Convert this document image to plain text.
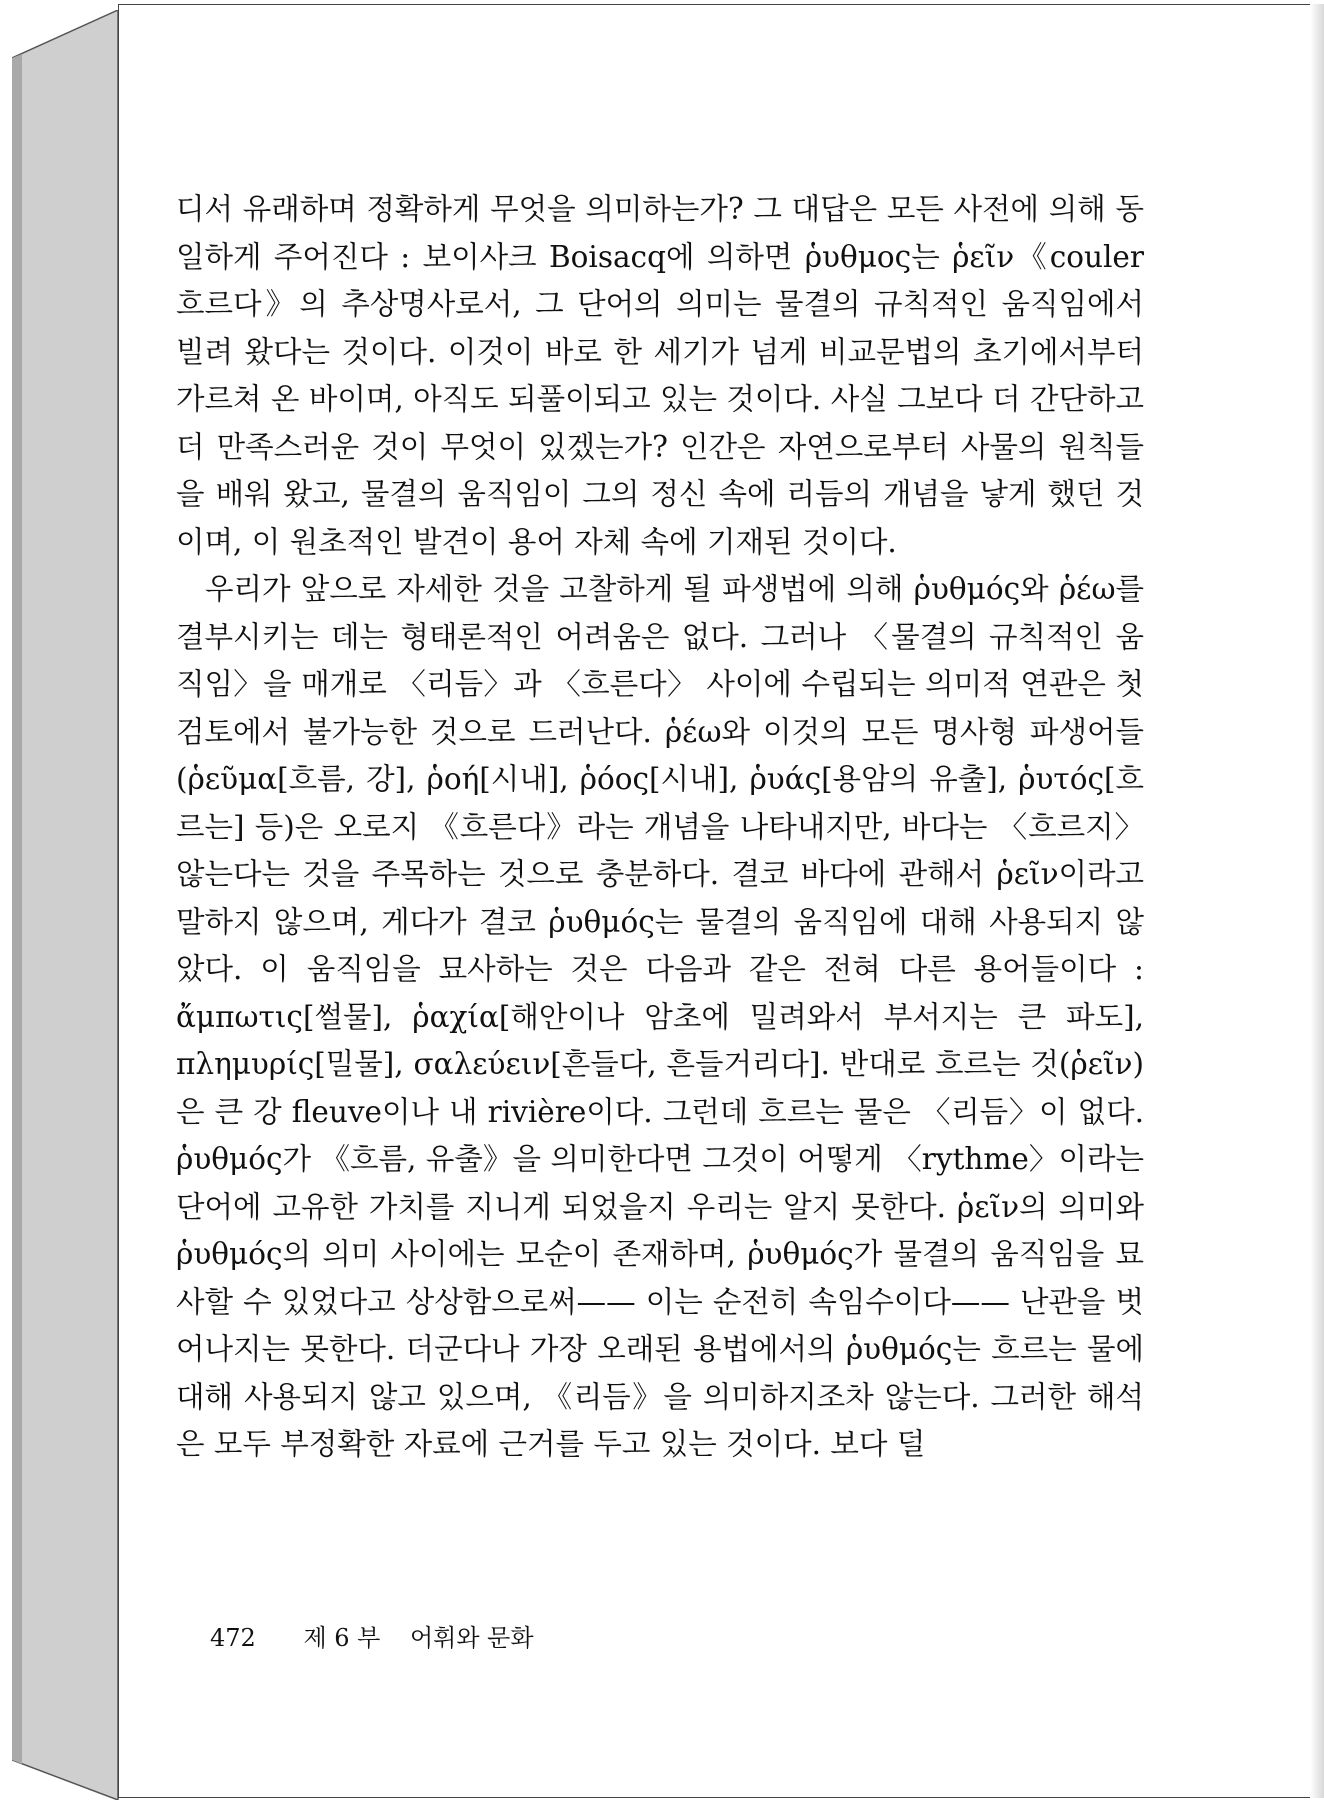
디서 유래하며 정확하게 무엇을 의미하는가? 그 대답은 모든 사전에 의해 동일하게 주어진다 : 보이사크 Boisacq에 의하면 ῥυθμος는 ῥεῖν《couler 흐르다》의 추상명사로서, 그 단어의 의미는 물결의 규칙적인 움직임에서 빌려 왔다는 것이다. 이것이 바로 한 세기가 넘게 비교문법의 초기에서부터 가르쳐 온 바이며, 아직도 되풀이되고 있는 것이다. 사실 그보다 더 간단하고 더 만족스러운 것이 무엇이 있겠는가? 인간은 자연으로부터 사물의 원칙들을 배워 왔고, 물결의 움직임이 그의 정신 속에 리듬의 개념을 낳게 했던 것이며, 이 원초적인 발견이 용어 자체 속에 기재된 것이다.

우리가 앞으로 자세한 것을 고찰하게 될 파생법에 의해 ῥυθμός와 ῥέω를 결부시키는 데는 형태론적인 어려움은 없다. 그러나 〈물결의 규칙적인 움직임〉을 매개로 〈리듬〉과 〈흐른다〉 사이에 수립되는 의미적 연관은 첫 검토에서 불가능한 것으로 드러난다. ῥέω와 이것의 모든 명사형 파생어들(ῥεῦμα[흐름, 강], ῥοή[시내], ῥόος[시내], ῥυάς[용암의 유출], ῥυτός[흐르는] 등)은 오로지 《흐른다》라는 개념을 나타내지만, 바다는 〈흐르지〉 않는다는 것을 주목하는 것으로 충분하다. 결코 바다에 관해서 ῥεῖν이라고 말하지 않으며, 게다가 결코 ῥυθμός는 물결의 움직임에 대해 사용되지 않았다. 이 움직임을 묘사하는 것은 다음과 같은 전혀 다른 용어들이다 : ἄμπωτις[썰물], ῥαχία[해안이나 암초에 밀려와서 부서지는 큰 파도], πλημυρίς[밀물], σαλεύειν[흔들다, 흔들거리다]. 반대로 흐르는 것(ῥεῖν)은 큰 강 fleuve이나 내 rivière이다. 그런데 흐르는 물은 〈리듬〉이 없다. ῥυθμός가 《흐름, 유출》을 의미한다면 그것이 어떻게 〈rythme〉이라는 단어에 고유한 가치를 지니게 되었을지 우리는 알지 못한다. ῥεῖν의 의미와 ῥυθμός의 의미 사이에는 모순이 존재하며, ῥυθμός가 물결의 움직임을 묘사할 수 있었다고 상상함으로써—— 이는 순전히 속임수이다—— 난관을 벗어나지는 못한다. 더군다나 가장 오래된 용법에서의 ῥυθμός는 흐르는 물에 대해 사용되지 않고 있으며, 《리듬》을 의미하지조차 않는다. 그러한 해석은 모두 부정확한 자료에 근거를 두고 있는 것이다. 보다 덜

472 제 6 부 어휘와 문화
